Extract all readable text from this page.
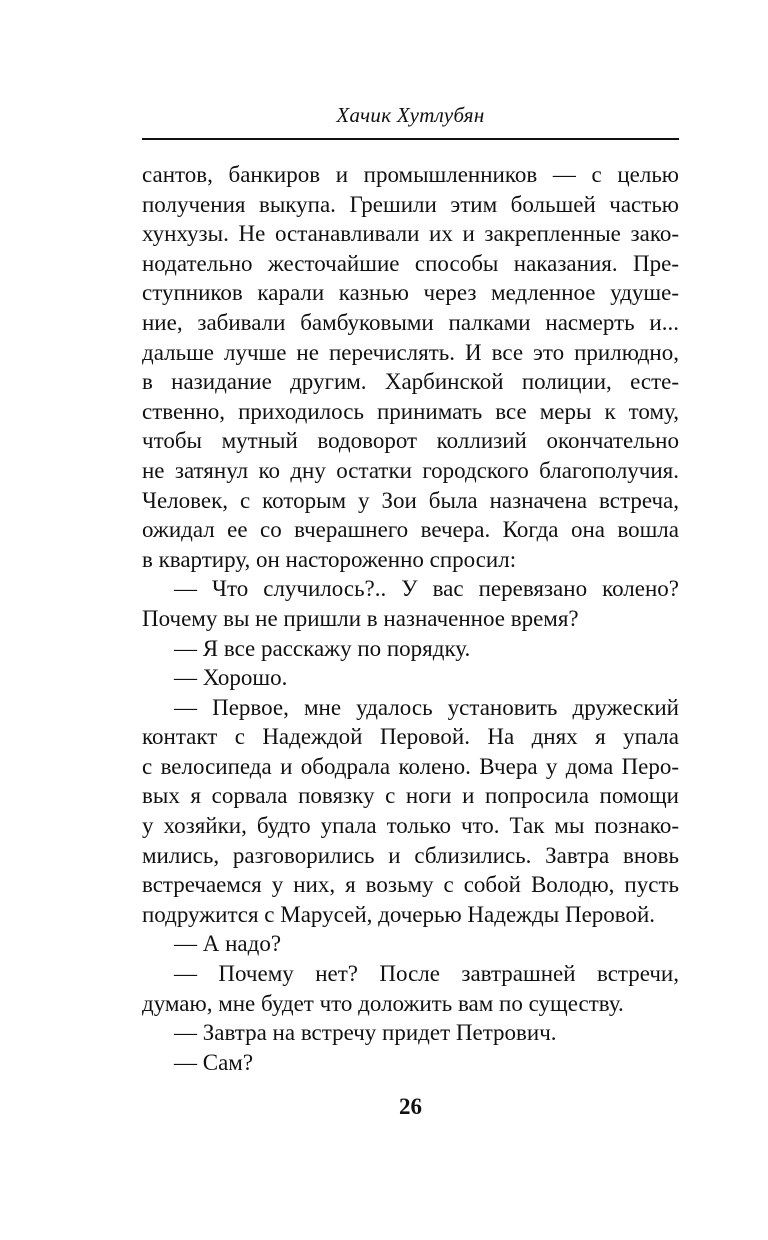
Хачик Хутлубян
сантов, банкиров и промышленников — с целью
получения выкупа. Грешили этим большей частью
хунхузы. Не останавливали их и закрепленные зако-
нодательно жесточайшие способы наказания. Пре-
ступников карали казнью через медленное удуше-
ние, забивали бамбуковыми палками насмерть и...
дальше лучше не перечислять. И все это прилюдно,
в назидание другим. Харбинской полиции, есте-
ственно, приходилось принимать все меры к тому,
чтобы мутный водоворот коллизий окончательно
не затянул ко дну остатки городского благополучия.
Человек, с которым у Зои была назначена встреча,
ожидал ее со вчерашнего вечера. Когда она вошла
в квартиру, он настороженно спросил:
— Что случилось?.. У вас перевязано колено?
Почему вы не пришли в назначенное время?
— Я все расскажу по порядку.
— Хорошо.
— Первое, мне удалось установить дружеский
контакт с Надеждой Перовой. На днях я упала
с велосипеда и ободрала колено. Вчера у дома Перо-
вых я сорвала повязку с ноги и попросила помощи
у хозяйки, будто упала только что. Так мы познако-
мились, разговорились и сблизились. Завтра вновь
встречаемся у них, я возьму с собой Володю, пусть
подружится с Марусей, дочерью Надежды Перовой.
— А надо?
— Почему нет? После завтрашней встречи,
думаю, мне будет что доложить вам по существу.
— Завтра на встречу придет Петрович.
— Сам?
26
